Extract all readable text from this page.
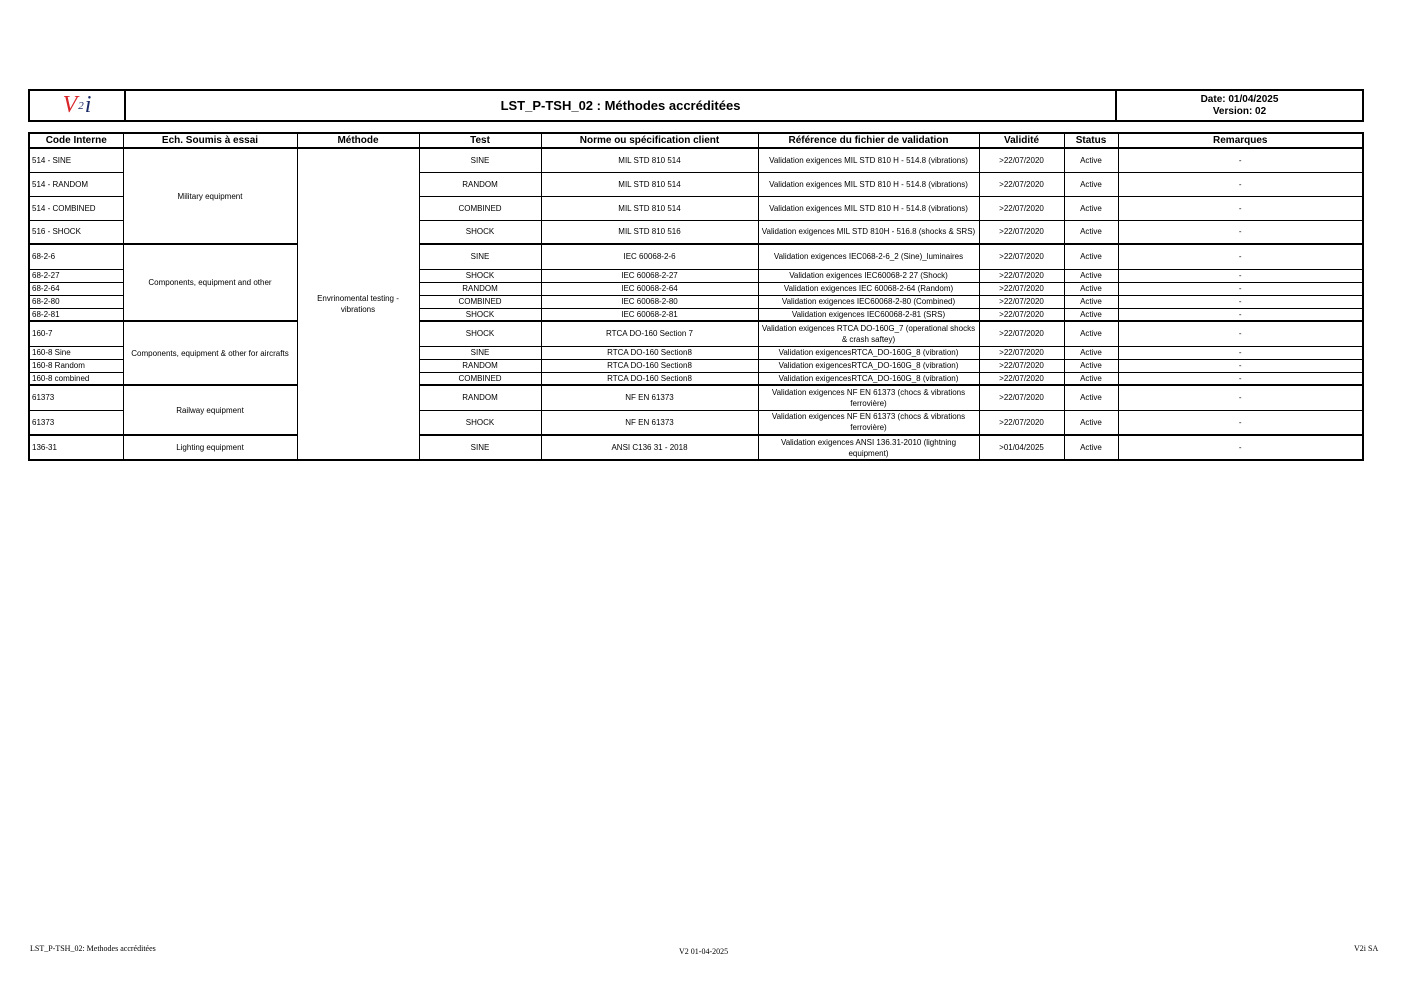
V 2 i	LST_P-TSH_02 : Méthodes accréditées	Date: 01/04/2025
Version: 02
Code Interne	Ech. Soumis à essai	Méthode	Test	Norme ou spécification client	Référence du fichier de validation	Validité	Status	Remarques
514 - SINE	Military equipment	Envrinomental testing - vibrations	SINE	MIL STD 810 514	Validation exigences MIL STD 810 H - 514.8 (vibrations)	>22/07/2020	Active	-
514 - RANDOM			RANDOM	MIL STD 810 514	Validation exigences MIL STD 810 H - 514.8 (vibrations)	>22/07/2020	Active	-
514 - COMBINED			COMBINED	MIL STD 810 514	Validation exigences MIL STD 810 H - 514.8 (vibrations)	>22/07/2020	Active	-
516 - SHOCK			SHOCK	MIL STD 810 516	Validation exigences MIL STD 810H - 516.8 (shocks & SRS)	>22/07/2020	Active	-
68-2-6	Components, equipment and other		SINE	IEC 60068-2-6	Validation exigences IEC068-2-6_2 (Sine)_luminaires	>22/07/2020	Active	-
68-2-27			SHOCK	IEC 60068-2-27	Validation exigences IEC60068-2 27 (Shock)	>22/07/2020	Active	-
68-2-64			RANDOM	IEC 60068-2-64	Validation exigences IEC 60068-2-64 (Random)	>22/07/2020	Active	-
68-2-80			COMBINED	IEC 60068-2-80	Validation exigences IEC60068-2-80 (Combined)	>22/07/2020	Active	-
68-2-81			SHOCK	IEC 60068-2-81	Validation exigences IEC60068-2-81 (SRS)	>22/07/2020	Active	-
160-7	Components, equipment & other for aircrafts		SHOCK	RTCA DO-160 Section 7	Validation exigences RTCA DO-160G_7 (operational shocks & crash saftey)	>22/07/2020	Active	-
160-8 Sine			SINE	RTCA DO-160 Section8	Validation exigencesRTCA_DO-160G_8 (vibration)	>22/07/2020	Active	-
160-8 Random			RANDOM	RTCA DO-160 Section8	Validation exigencesRTCA_DO-160G_8 (vibration)	>22/07/2020	Active	-
160-8 combined			COMBINED	RTCA DO-160 Section8	Validation exigencesRTCA_DO-160G_8 (vibration)	>22/07/2020	Active	-
61373	Railway equipment		RANDOM	NF EN 61373	Validation exigences NF EN 61373 (chocs & vibrations ferrovière)	>22/07/2020	Active	-
61373			SHOCK	NF EN 61373	Validation exigences NF EN 61373 (chocs & vibrations ferrovière)	>22/07/2020	Active	-
136-31	Lighting equipment		SINE	ANSI C136 31 - 2018	Validation exigences ANSI 136.31-2010 (lightning equipment)	>01/04/2025	Active	-
LST_P-TSH_02: Methodes accréditées	V2 01-04-2025	V2i SA
